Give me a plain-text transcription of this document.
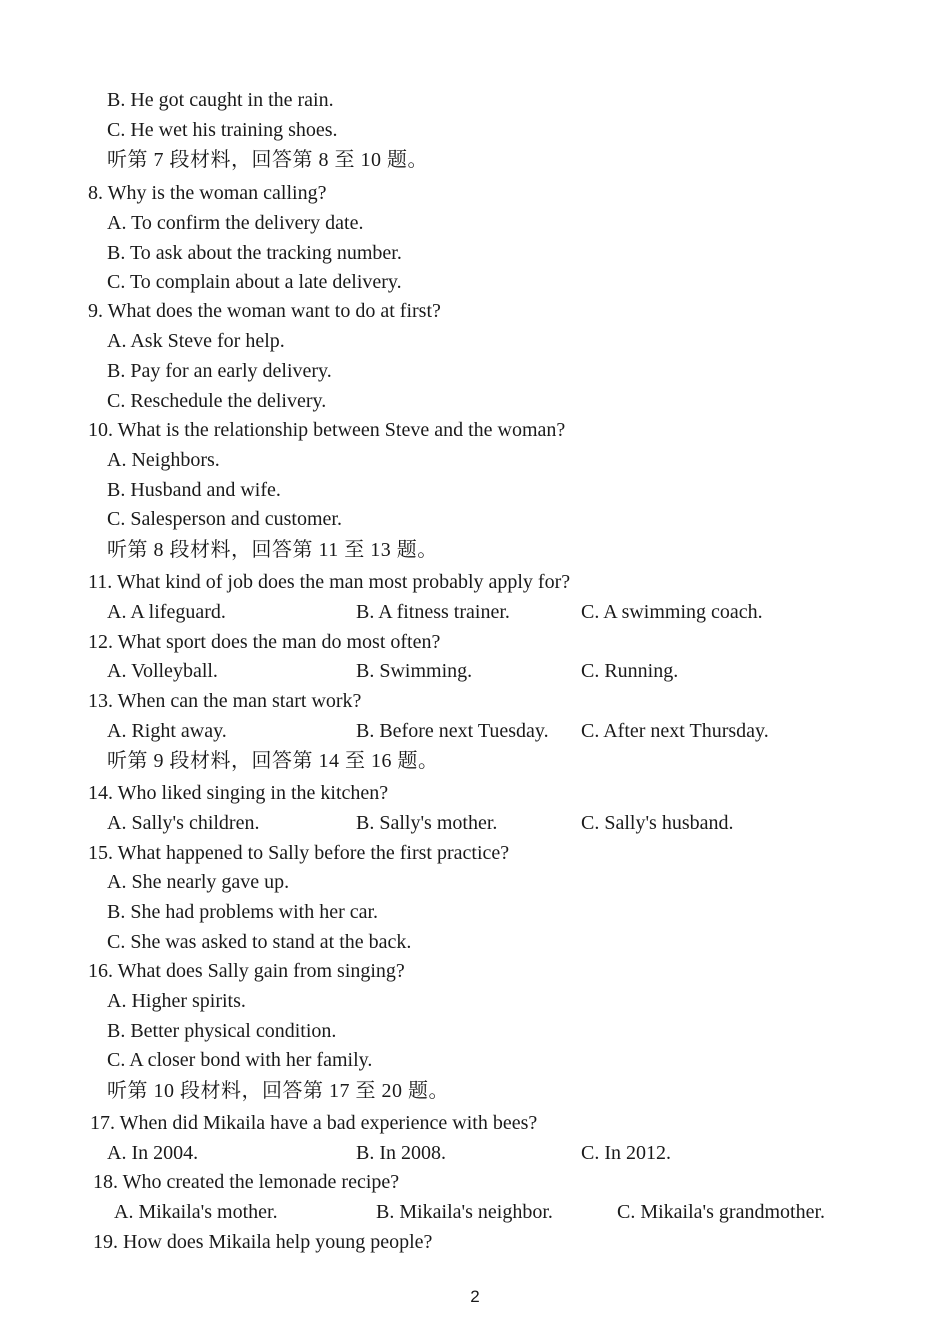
B. He got caught in the rain.
C. He wet his training shoes.
听第 7 段材料，回答第 8 至 10 题。
8. Why is the woman calling?
A. To confirm the delivery date.
B. To ask about the tracking number.
C. To complain about a late delivery.
9. What does the woman want to do at first?
A. Ask Steve for help.
B. Pay for an early delivery.
C. Reschedule the delivery.
10. What is the relationship between Steve and the woman?
A. Neighbors.
B. Husband and wife.
C. Salesperson and customer.
听第 8 段材料，回答第 11 至 13 题。
11. What kind of job does the man most probably apply for?
A. A lifeguard.	B. A fitness trainer.	C. A swimming coach.
12. What sport does the man do most often?
A. Volleyball.	B. Swimming.	C. Running.
13. When can the man start work?
A. Right away.	B. Before next Tuesday. C. After next Thursday.
听第 9 段材料，回答第 14 至 16 题。
14. Who liked singing in the kitchen?
A. Sally's children.	B. Sally's mother.	C. Sally's husband.
15. What happened to Sally before the first practice?
A. She nearly gave up.
B. She had problems with her car.
C. She was asked to stand at the back.
16. What does Sally gain from singing?
A. Higher spirits.
B. Better physical condition.
C. A closer bond with her family.
听第 10 段材料，回答第 17 至 20 题。
17. When did Mikaila have a bad experience with bees?
A. In 2004.	B. In 2008.	C. In 2012.
18. Who created the lemonade recipe?
A. Mikaila's mother.	B. Mikaila's neighbor.	C. Mikaila's grandmother.
19. How does Mikaila help young people?
2
